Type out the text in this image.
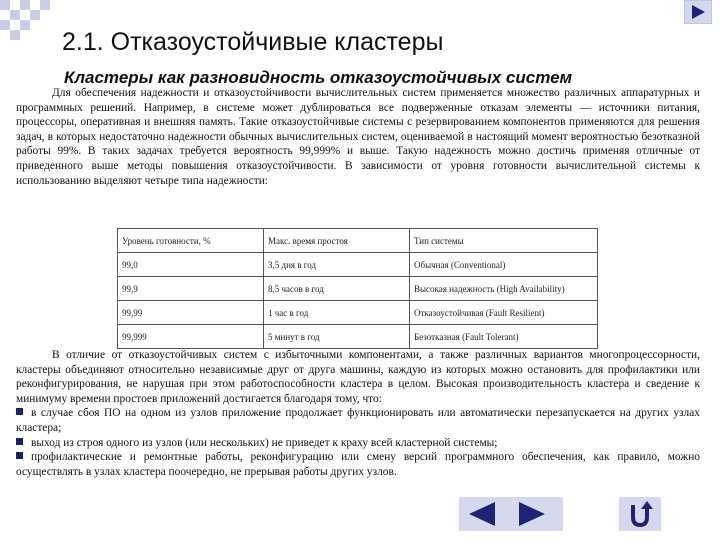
2.1. Отказоустойчивые кластеры
Кластеры как разновидность отказоустойчивых систем

Для обеспечения надежности и отказоустойчивости вычислительных систем применяется множество различных аппаратурных и программных решений. Например, в системе может дублироваться все подверженные отказам элементы — источники питания, процессоры, оперативная и внешняя память. Такие отказоустойчивые системы с резервированием компонентов применяются для решения задач, в которых недостаточно надежности обычных вычислительных систем, оцениваемой в настоящий момент вероятностью безотказной работы 99%. В таких задачах требуется вероятность 99,999% и выше. Такую надежность можно достичь применяя отличные от приведенного выше методы повышения отказоустойчивости. В зависимости от уровня готовности вычислительной системы к использованию выделяют четыре типа надежности:

Уровень готовности, %	Макс. время простоя	Тип системы
99,0	3,5 дня в год	Обычная (Conventional)
99,9	8,5 часов в год	Высокая надежность (High Availability)
99,99	1 час в год	Отказоустойчивая (Fault Resilient)
99,999	5 минут в год	Безотказная (Fault Tolerant)
В отличие от отказоустойчивых систем с избыточными компонентами, а также различных вариантов многопроцессорности, кластеры объединяют относительно независимые друг от друга машины, каждую из которых можно остановить для профилактики или реконфигурирования, не нарушая при этом работоспособности кластера в целом. Высокая производительность кластера и сведение к минимуму времени простоев приложений достигается благодаря тому, что:
в случае сбоя ПО на одном из узлов приложение продолжает функционировать или автоматически перезапускается на других узлах кластера;
выход из строя одного из узлов (или нескольких) не приведет к краху всей кластерной системы;
профилактические и ремонтные работы, реконфигурацию или смену версий программного обеспечения, как правило, можно осуществлять в узлах кластера поочередно, не прерывая работы других узлов.
